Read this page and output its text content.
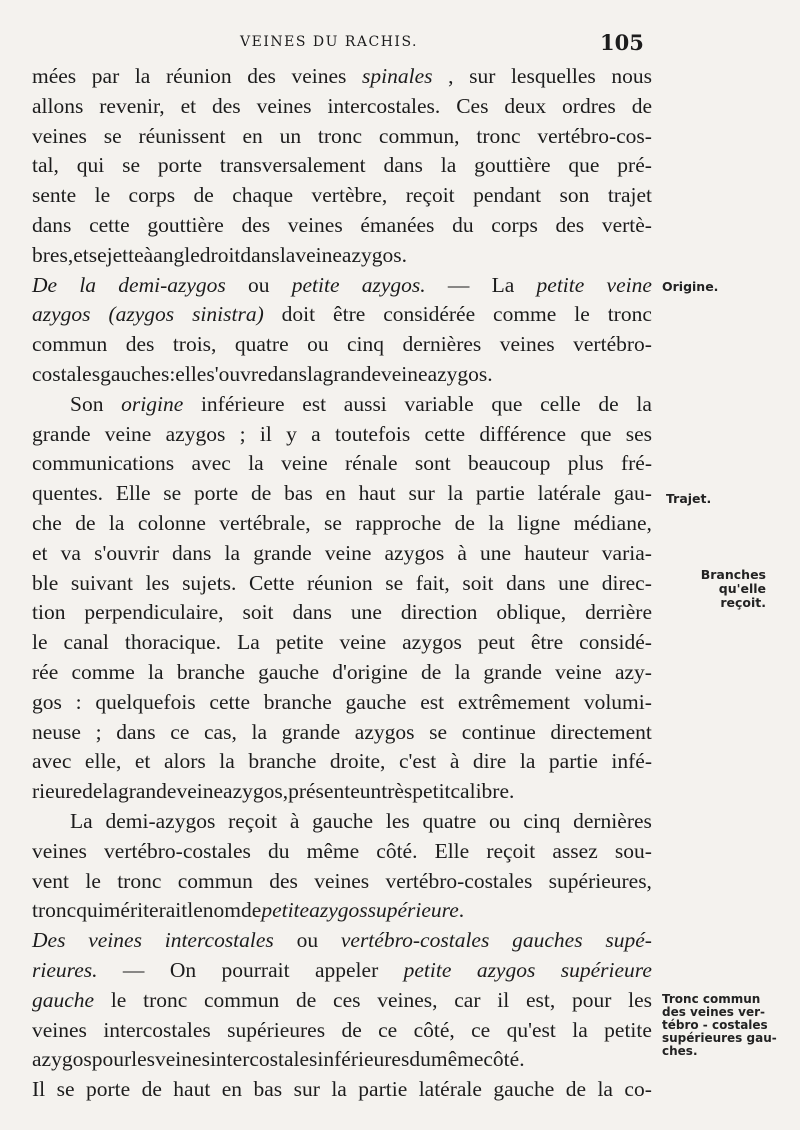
VEINES DU RACHIS.	105
mées par la réunion des veines spinales , sur lesquelles nous
allons revenir, et des veines intercostales. Ces deux ordres de
veines se réunissent en un tronc commun, tronc vertébro-cos-
tal, qui se porte transversalement dans la gouttière que pré-
sente le corps de chaque vertèbre, reçoit pendant son trajet
dans cette gouttière des veines émanées du corps des vertè-
bres, et se jette à angle droit dans la veine azygos.
De la demi-azygos ou petite azygos. — La petite veine
azygos (azygos sinistra) doit être considérée comme le tronc
commun des trois, quatre ou cinq dernières veines vertébro-
costales gauches : elle s'ouvre dans la grande veine azygos.
Son origine inférieure est aussi variable que celle de la
grande veine azygos ; il y a toutefois cette différence que ses
communications avec la veine rénale sont beaucoup plus fré-
quentes. Elle se porte de bas en haut sur la partie latérale gau-
che de la colonne vertébrale, se rapproche de la ligne médiane,
et va s'ouvrir dans la grande veine azygos à une hauteur varia-
ble suivant les sujets. Cette réunion se fait, soit dans une direc-
tion perpendiculaire, soit dans une direction oblique, derrière
le canal thoracique. La petite veine azygos peut être considé-
rée comme la branche gauche d'origine de la grande veine azy-
gos : quelquefois cette branche gauche est extrêmement volumi-
neuse ; dans ce cas, la grande azygos se continue directement
avec elle, et alors la branche droite, c'est à dire la partie infé-
rieure de la grande veine azygos, présente un très petit calibre.
La demi-azygos reçoit à gauche les quatre ou cinq dernières
veines vertébro-costales du même côté. Elle reçoit assez sou-
vent le tronc commun des veines vertébro-costales supérieures,
tronc qui mériterait le nom de petite azygos supérieure .
Des veines intercostales ou vertébro-costales gauches supé-
rieures. — On pourrait appeler petite azygos supérieure
gauche le tronc commun de ces veines, car il est, pour les
veines intercostales supérieures de ce côté, ce qu'est la petite
azygos pour les veines intercostales inférieures du même côté.
Il se porte de haut en bas sur la partie latérale gauche de la co-
Origine.
Trajet.
Branches
qu'elle reçoit.
Tronc commun
des veines ver-
tébro - costales
supérieures gau-
ches.
